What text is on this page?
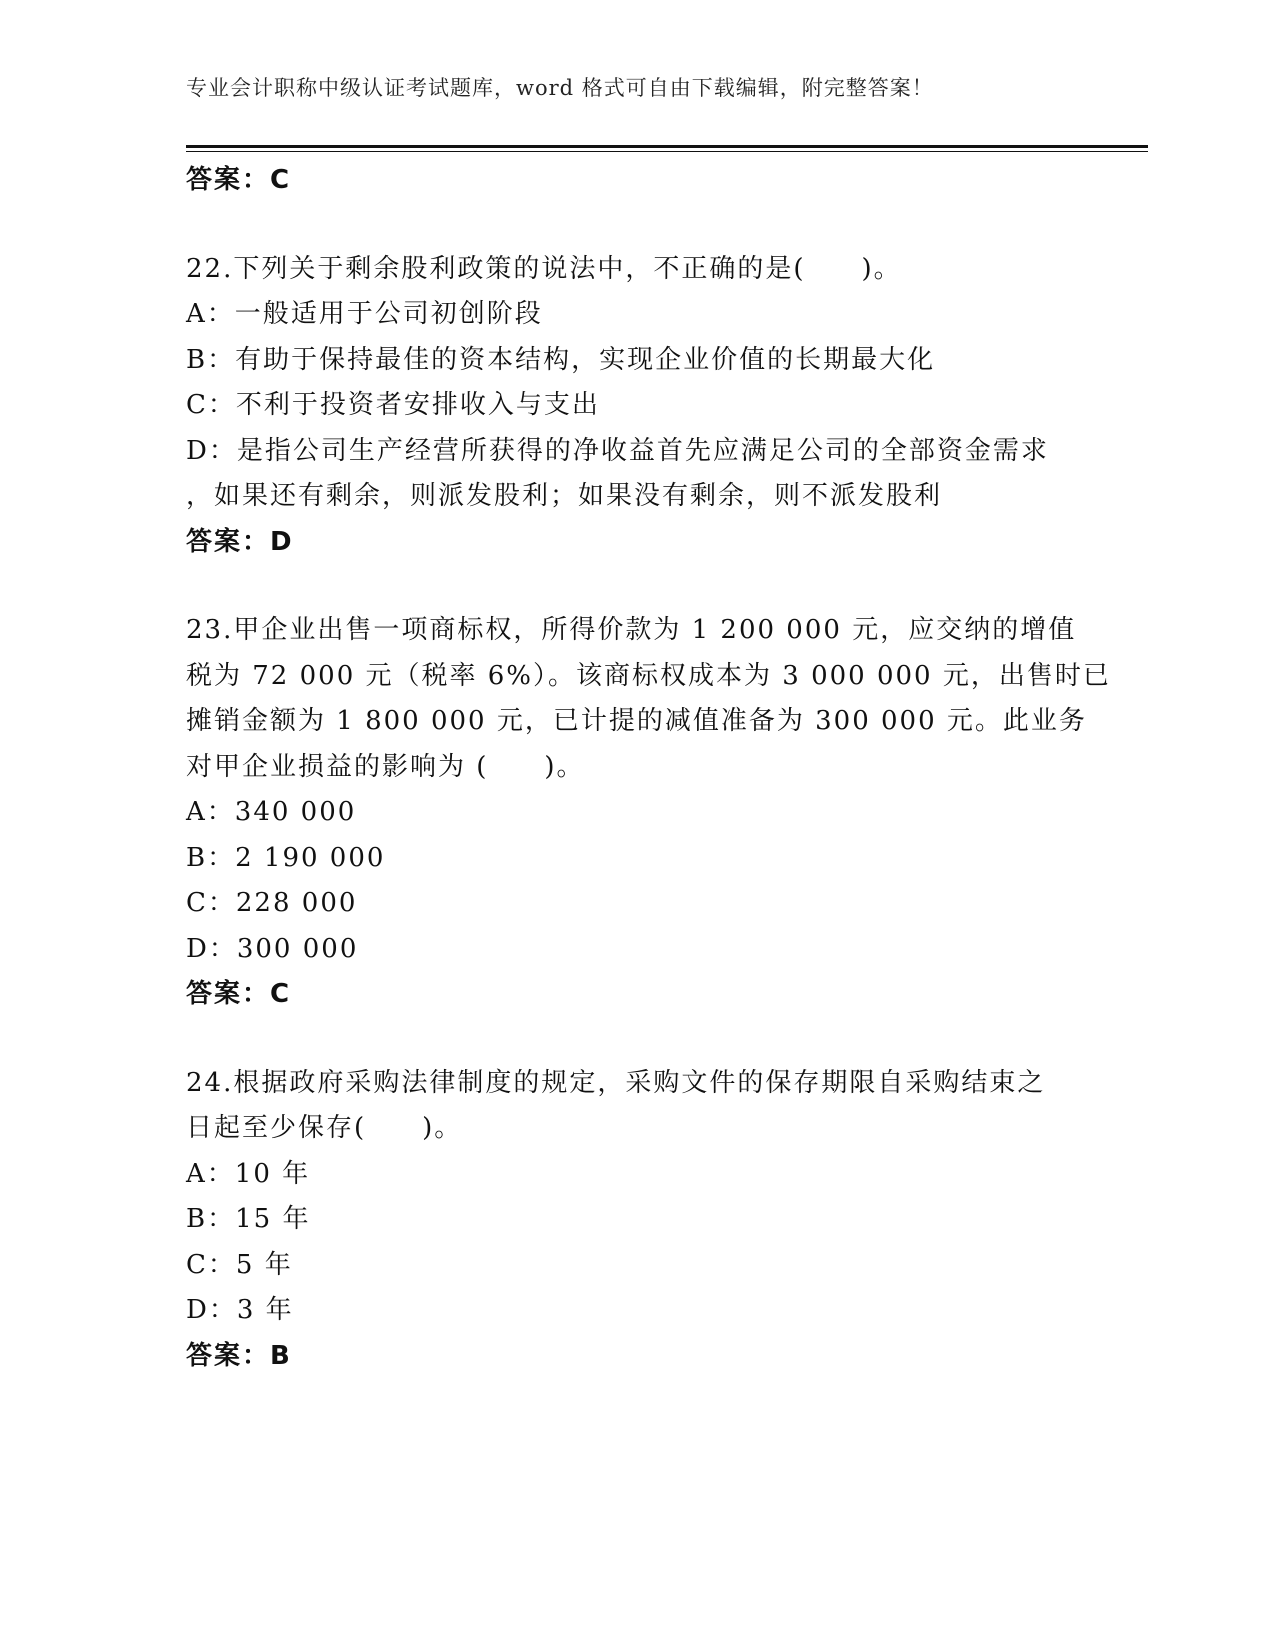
专业会计职称中级认证考试题库，word 格式可自由下载编辑，附完整答案！
答案：C
22.下列关于剩余股利政策的说法中，不正确的是(　　)。
A：一般适用于公司初创阶段
B：有助于保持最佳的资本结构，实现企业价值的长期最大化
C：不利于投资者安排收入与支出
D：是指公司生产经营所获得的净收益首先应满足公司的全部资金需求
，如果还有剩余，则派发股利；如果没有剩余，则不派发股利
答案：D
23.甲企业出售一项商标权，所得价款为 1 200 000 元，应交纳的增值
税为 72 000 元（税率 6%）。该商标权成本为 3 000 000 元，出售时已
摊销金额为 1 800 000 元，已计提的减值准备为 300 000 元。此业务
对甲企业损益的影响为 (　　)。
A：340 000
B：2 190 000
C：228 000
D：300 000
答案：C
24.根据政府采购法律制度的规定，采购文件的保存期限自采购结束之
日起至少保存(　　)。
A：10 年
B：15 年
C：5 年
D：3 年
答案：B
